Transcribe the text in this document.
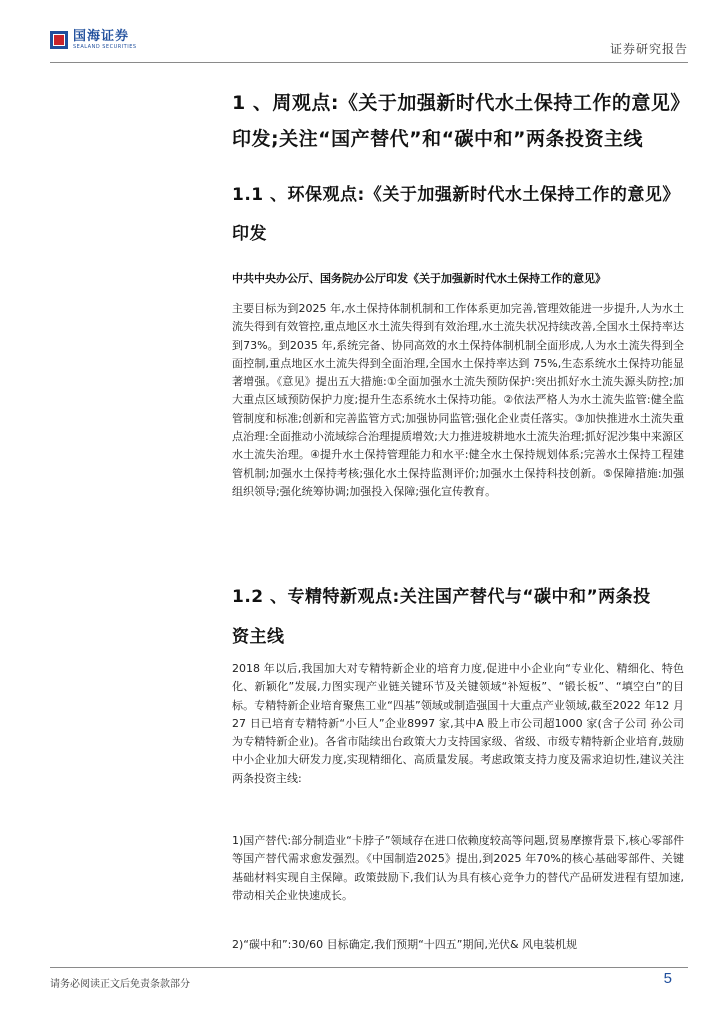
国海证券
SEALAND SECURITIES	证券研究报告
1 、周观点:《关于加强新时代水土保持工作的意见》
印发;关注“国产替代”和“碳中和”两条投资主线
1.1 、环保观点:《关于加强新时代水土保持工作的意见》
印发
中共中央办公厅、国务院办公厅印发《关于加强新时代水土保持工作的意见》

主要目标为到2025 年,水土保持体制机制和工作体系更加完善,管理效能进一步提升,人为水土流失得到有效管控,重点地区水土流失得到有效治理,水土流失状况持续改善,全国水土保持率达到73%。到2035 年,系统完备、协同高效的水土保持体制机制全面形成,人为水土流失得到全面控制,重点地区水土流失得到全面治理,全国水土保持率达到 75%,生态系统水土保持功能显著增强。《意见》提出五大措施:①全面加强水土流失预防保护:突出抓好水土流失源头防控;加大重点区域预防保护力度;提升生态系统水土保持功能。②依法严格人为水土流失监管:健全监管制度和标准;创新和完善监管方式;加强协同监管;强化企业责任落实。③加快推进水土流失重点治理:全面推动小流域综合治理提质增效;大力推进坡耕地水土流失治理;抓好泥沙集中来源区水土流失治理。④提升水土保持管理能力和水平:健全水土保持规划体系;完善水土保持工程建管机制;加强水土保持考核;强化水土保持监测评价;加强水土保持科技创新。⑤保障措施:加强组织领导;强化统筹协调;加强投入保障;强化宣传教育。

1.2 、专精特新观点:关注国产替代与“碳中和”两条投
资主线

2018 年以后,我国加大对专精特新企业的培育力度,促进中小企业向“专业化、精细化、特色化、新颖化”发展,力图实现产业链关键环节及关键领域“补短板”、“锻长板”、“填空白”的目标。专精特新企业培育聚焦工业“四基”领域或制造强国十大重点产业领域,截至2022 年12 月27 日已培育专精特新“小巨人”企业8997 家,其中A 股上市公司超1000 家(含子公司 孙公司为专精特新企业)。各省市陆续出台政策大力支持国家级、省级、市级专精特新企业培育,鼓励中小企业加大研发力度,实现精细化、高质量发展。考虑政策支持力度及需求迫切性,建议关注两条投资主线:

1)国产替代:部分制造业“卡脖子”领域存在进口依赖度较高等问题,贸易摩擦背景下,核心零部件等国产替代需求愈发强烈。《中国制造2025》提出,到2025 年70%的核心基础零部件、关键基础材料实现自主保障。政策鼓励下,我们认为具有核心竞争力的替代产品研发进程有望加速,带动相关企业快速成长。

2)“碳中和”:30/60 目标确定,我们预期“十四五”期间,光伏& 风电装机规

请务必阅读正文后免责条款部分	5
